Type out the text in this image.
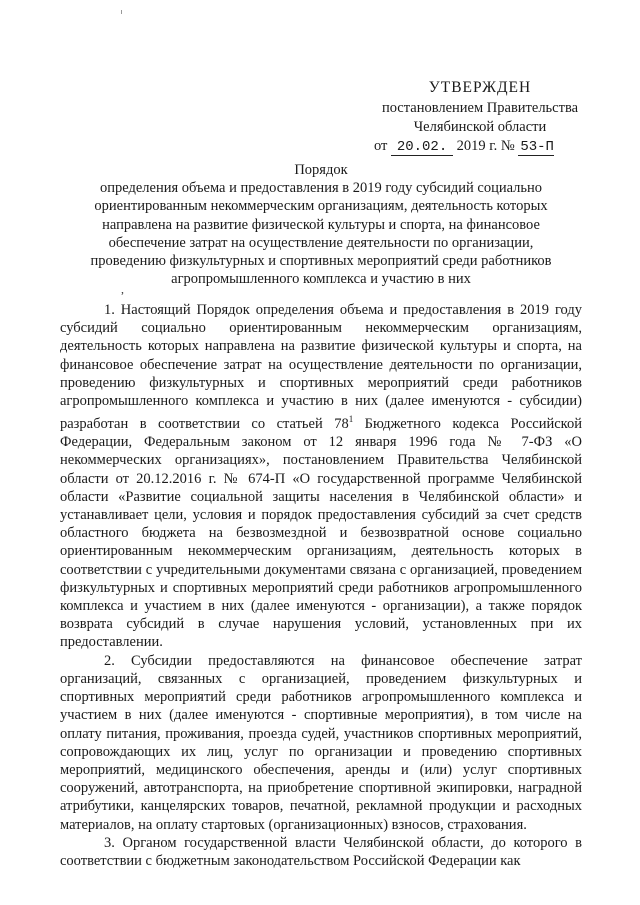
УТВЕРЖДЕН
постановлением Правительства
Челябинской области
от 20.02. 2019 г. № 53-П
Порядок
определения объема и предоставления в 2019 году субсидий социально ориентированным некоммерческим организациям, деятельность которых направлена на развитие физической культуры и спорта, на финансовое обеспечение затрат на осуществление деятельности по организации, проведению физкультурных и спортивных мероприятий среди работников агропромышленного комплекса и участию в них
,

1. Настоящий Порядок определения объема и предоставления в 2019 году субсидий социально ориентированным некоммерческим организациям, деятельность которых направлена на развитие физической культуры и спорта, на финансовое обеспечение затрат на осуществление деятельности по организации, проведению физкультурных и спортивных мероприятий среди работников агропромышленного комплекса и участию в них (далее именуются - субсидии) разработан в соответствии со статьей $78^1$ Бюджетного кодекса Российской Федерации, Федеральным законом от 12 января 1996 года № 7-ФЗ «О некоммерческих организациях», постановлением Правительства Челябинской области от 20.12.2016 г. № 674-П «О государственной программе Челябинской области «Развитие социальной защиты населения в Челябинской области» и устанавливает цели, условия и порядок предоставления субсидий за счет средств областного бюджета на безвозмездной и безвозвратной основе социально ориентированным некоммерческим организациям, деятельность которых в соответствии с учредительными документами связана с организацией, проведением физкультурных и спортивных мероприятий среди работников агропромышленного комплекса и участием в них (далее именуются - организации), а также порядок возврата субсидий в случае нарушения условий, установленных при их предоставлении.

2. Субсидии предоставляются на финансовое обеспечение затрат организаций, связанных с организацией, проведением физкультурных и спортивных мероприятий среди работников агропромышленного комплекса и участием в них (далее именуются - спортивные мероприятия), в том числе на оплату питания, проживания, проезда судей, участников спортивных мероприятий, сопровождающих их лиц, услуг по организации и проведению спортивных мероприятий, медицинского обеспечения, аренды и (или) услуг спортивных сооружений, автотранспорта, на приобретение спортивной экипировки, наградной атрибутики, канцелярских товаров, печатной, рекламной продукции и расходных материалов, на оплату стартовых (организационных) взносов, страхования.

3. Органом государственной власти Челябинской области, до которого в соответствии с бюджетным законодательством Российской Федерации как
